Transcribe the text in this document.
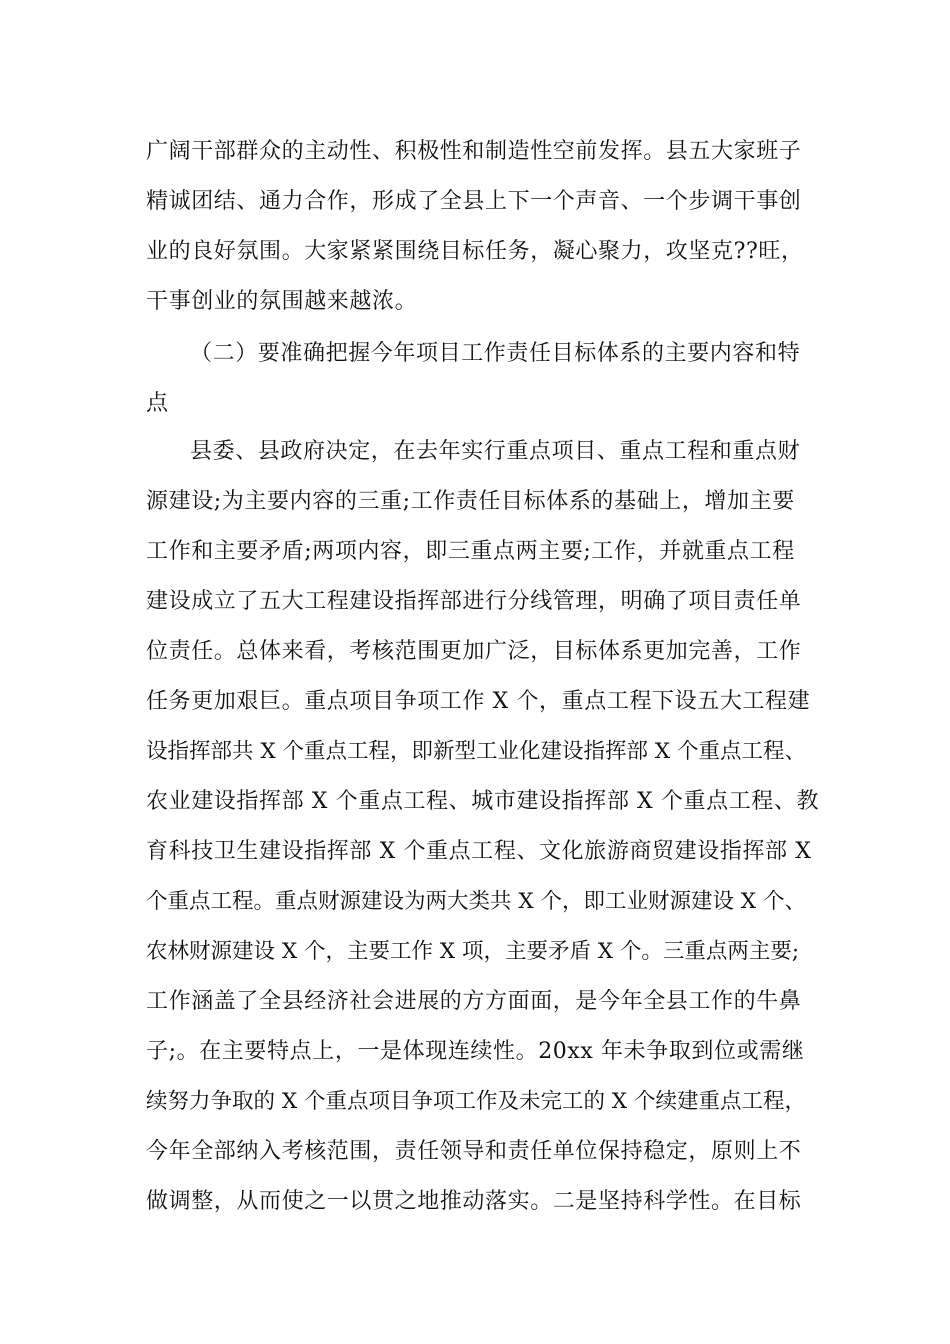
广阔干部群众的主动性、积极性和制造性空前发挥。县五大家班子
精诚团结、通力合作，形成了全县上下一个声音、一个步调干事创
业的良好氛围。大家紧紧围绕目标任务，凝心聚力，攻坚克??旺，
干事创业的氛围越来越浓。
（二）要准确把握今年项目工作责任目标体系的主要内容和特
点
县委、县政府决定，在去年实行重点项目、重点工程和重点财
源建设;为主要内容的三重;工作责任目标体系的基础上，增加主要
工作和主要矛盾;两项内容，即三重点两主要;工作，并就重点工程
建设成立了五大工程建设指挥部进行分线管理，明确了项目责任单
位责任。总体来看，考核范围更加广泛，目标体系更加完善，工作
任务更加艰巨。重点项目争项工作 X 个，重点工程下设五大工程建
设指挥部共 X 个重点工程，即新型工业化建设指挥部 X 个重点工程、
农业建设指挥部 X 个重点工程、城市建设指挥部 X 个重点工程、教
育科技卫生建设指挥部 X 个重点工程、文化旅游商贸建设指挥部 X
个重点工程。重点财源建设为两大类共 X 个，即工业财源建设 X 个、
农林财源建设 X 个，主要工作 X 项，主要矛盾 X 个。三重点两主要;
工作涵盖了全县经济社会进展的方方面面，是今年全县工作的牛鼻
子;。在主要特点上，一是体现连续性。20xx 年未争取到位或需继
续努力争取的 X 个重点项目争项工作及未完工的 X 个续建重点工程，
今年全部纳入考核范围，责任领导和责任单位保持稳定，原则上不
做调整，从而使之一以贯之地推动落实。二是坚持科学性。在目标
